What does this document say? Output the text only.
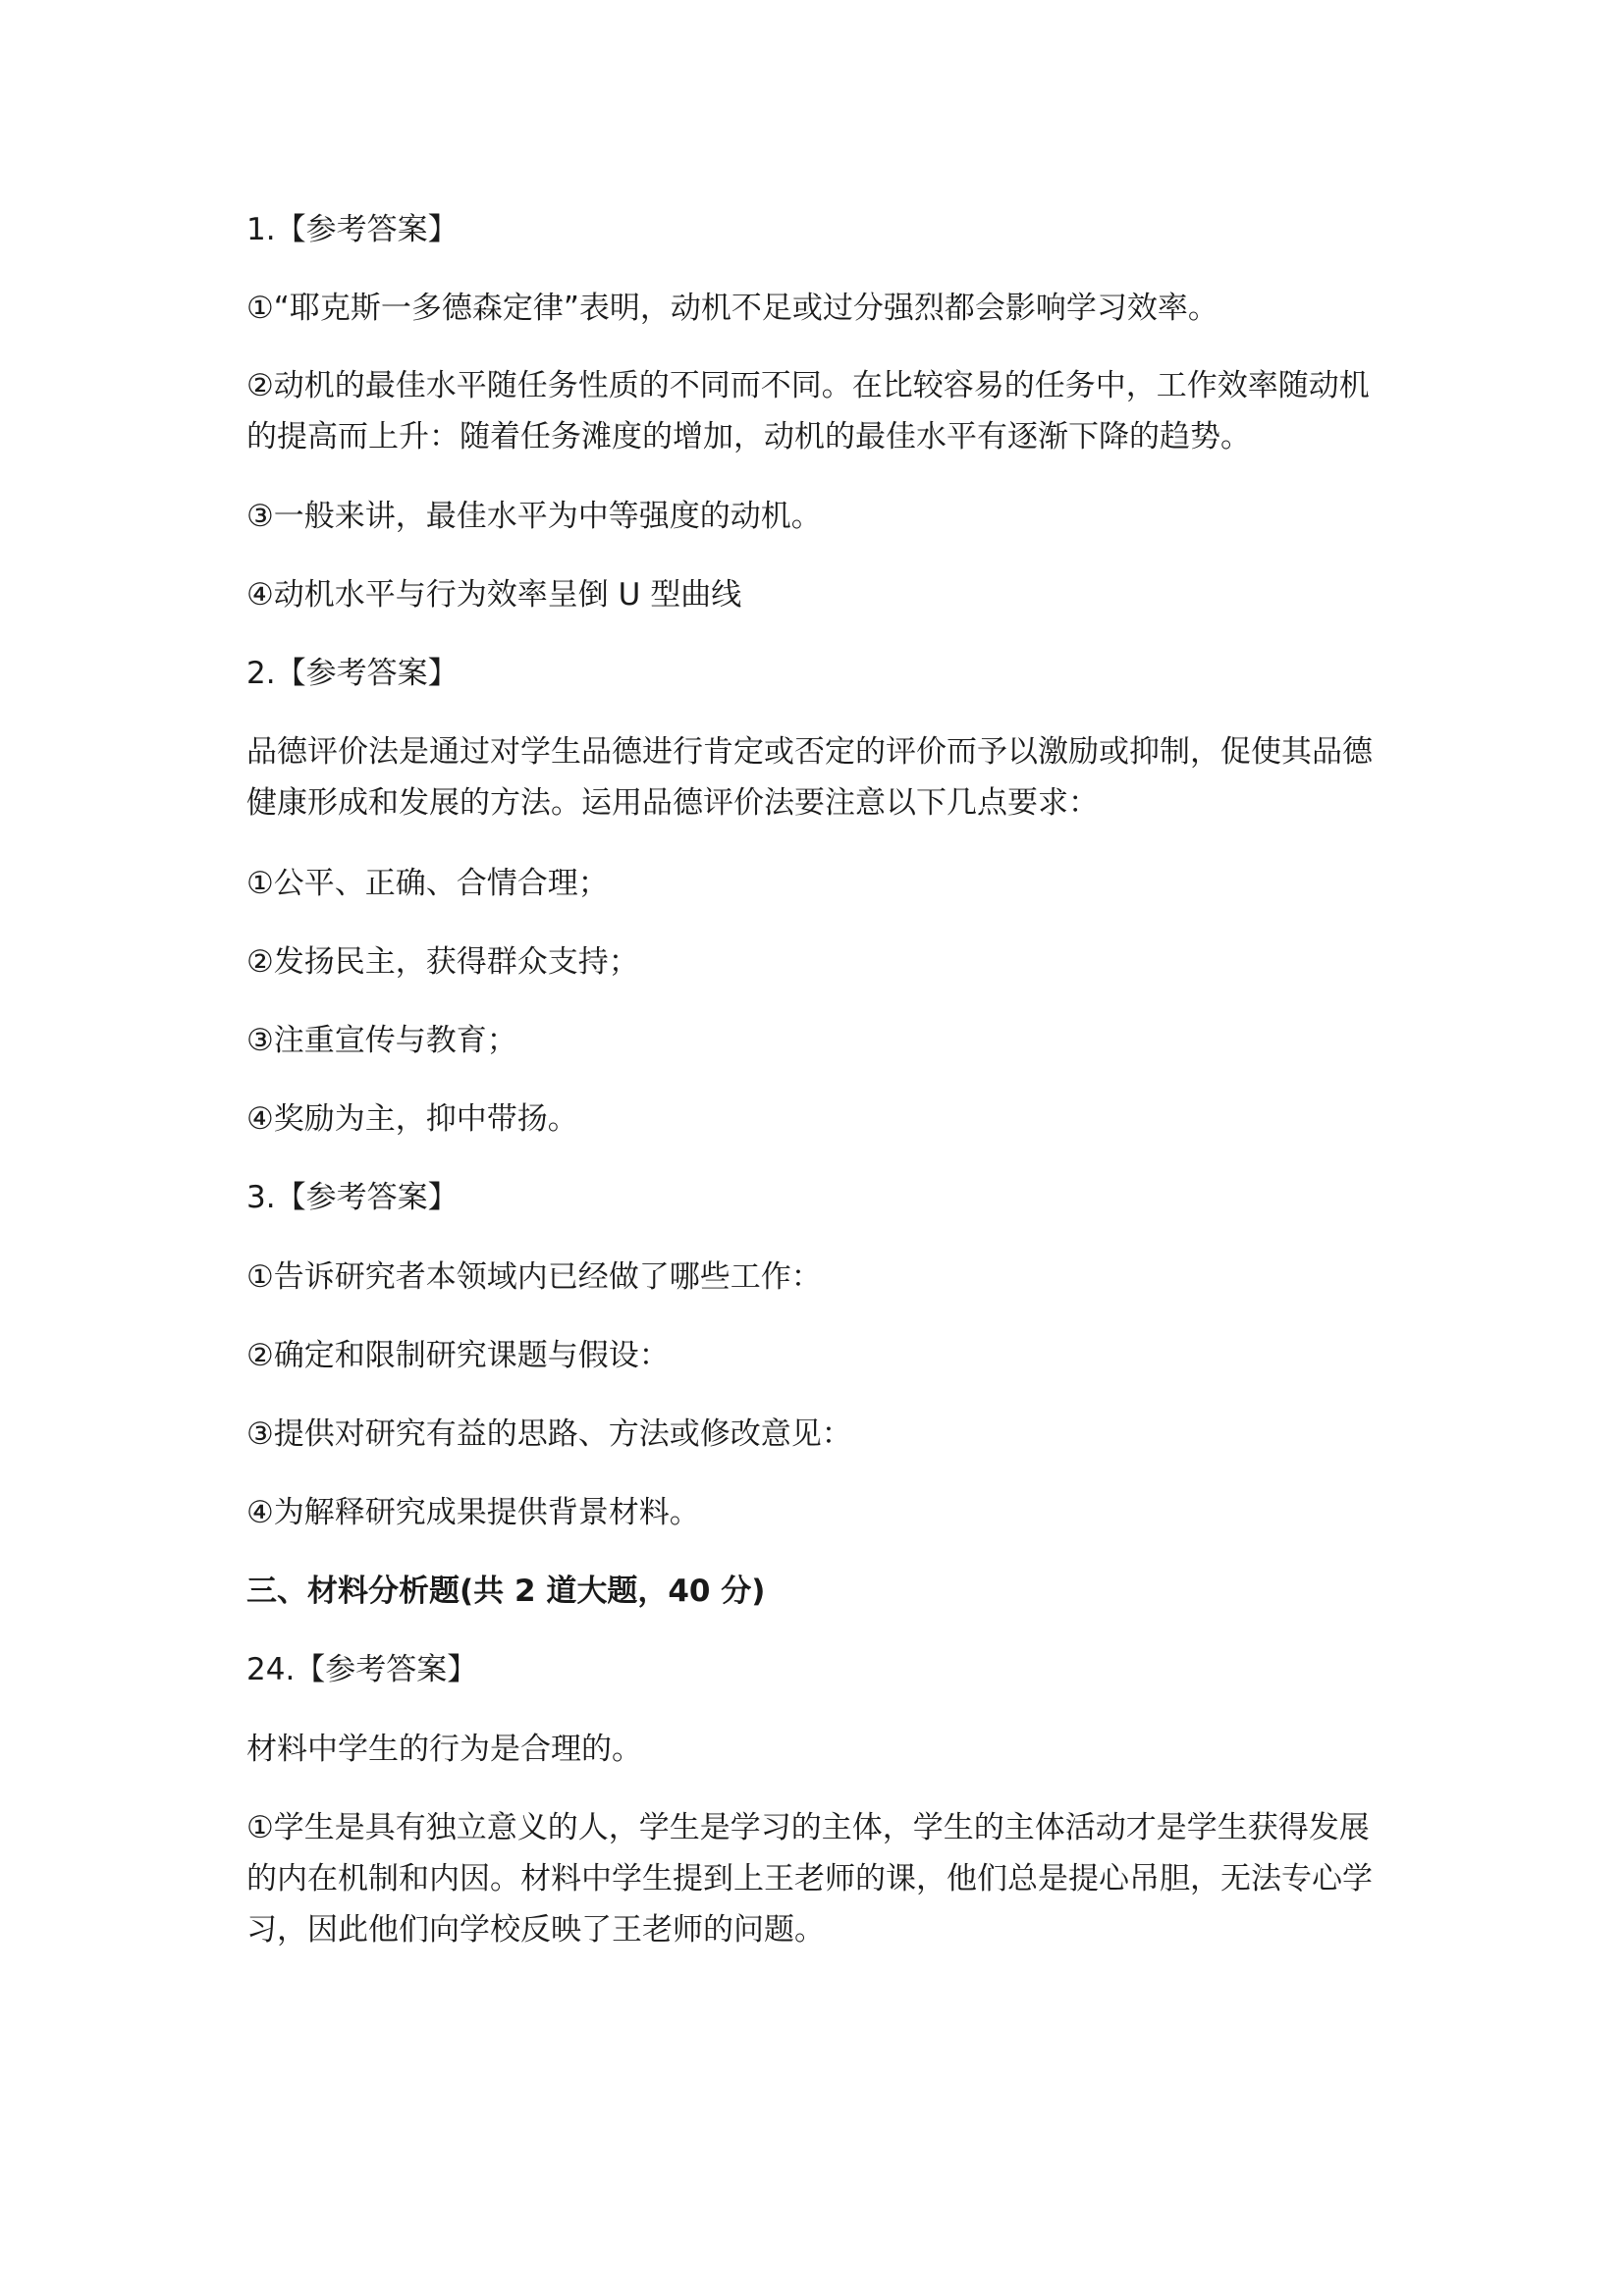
1.【参考答案】

①“耶克斯一多德森定律”表明，动机不足或过分强烈都会影响学习效率。

②动机的最佳水平随任务性质的不同而不同。在比较容易的任务中，工作效率随动机的提高而上升：随着任务滩度的增加，动机的最佳水平有逐渐下降的趋势。

③一般来讲，最佳水平为中等强度的动机。

④动机水平与行为效率呈倒 U 型曲线

2.【参考答案】

品德评价法是通过对学生品德进行肯定或否定的评价而予以激励或抑制，促使其品德健康形成和发展的方法。运用品德评价法要注意以下几点要求：

①公平、正确、合情合理；

②发扬民主，获得群众支持；

③注重宣传与教育；

④奖励为主，抑中带扬。

3.【参考答案】

①告诉研究者本领域内已经做了哪些工作：

②确定和限制研究课题与假设：

③提供对研究有益的思路、方法或修改意见：

④为解释研究成果提供背景材料。

三、材料分析题(共 2 道大题，40 分)

24.【参考答案】

材料中学生的行为是合理的。

①学生是具有独立意义的人，学生是学习的主体，学生的主体活动才是学生获得发展的内在机制和内因。材料中学生提到上王老师的课，他们总是提心吊胆，无法专心学习，因此他们向学校反映了王老师的问题。
